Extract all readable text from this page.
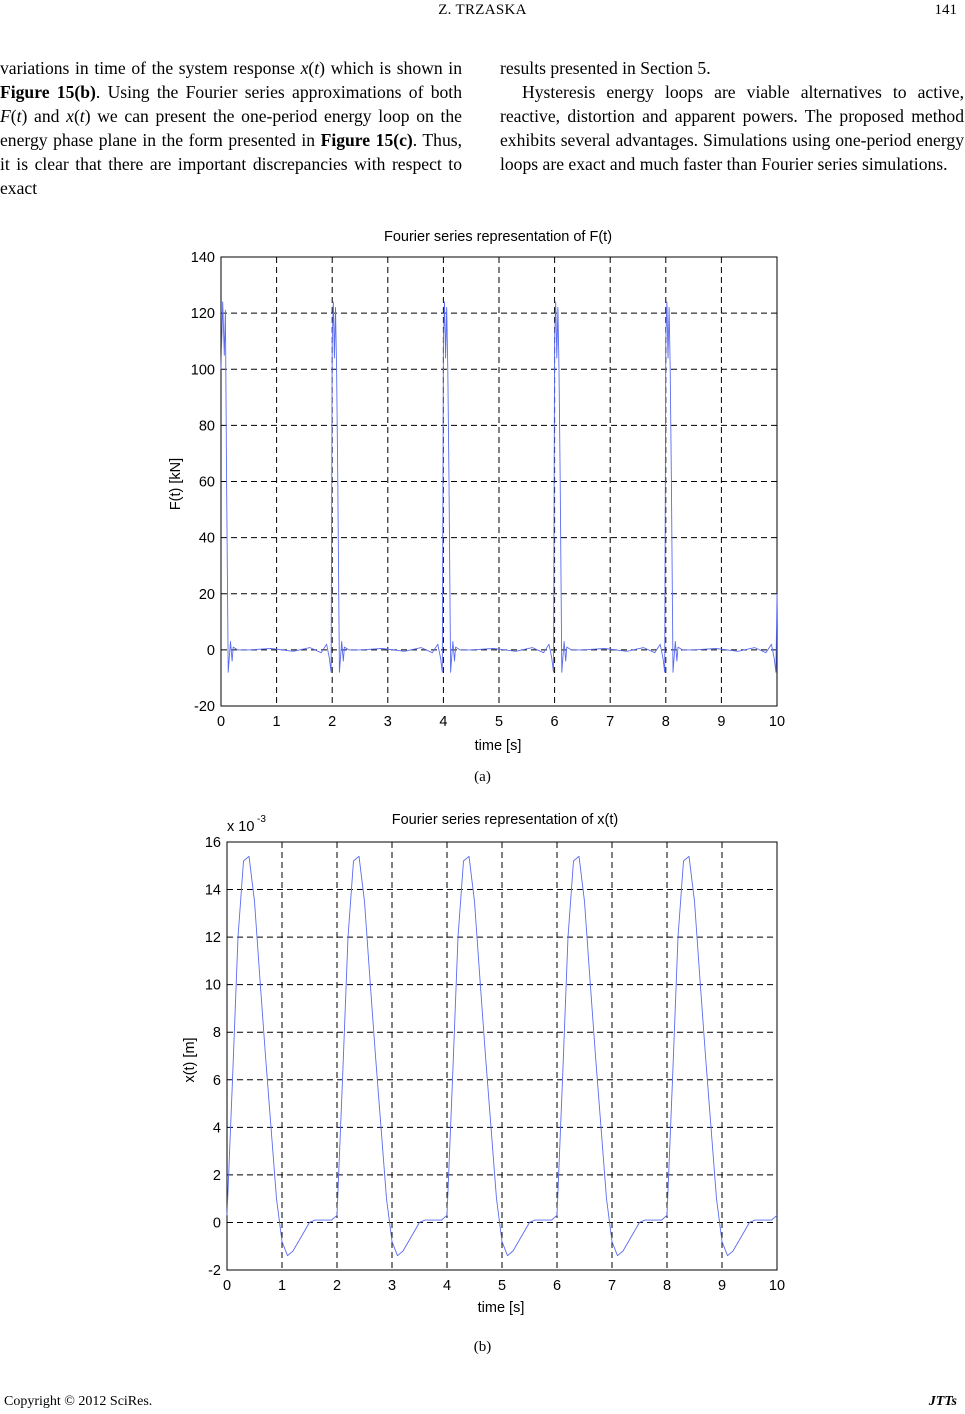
Z. TRZASKA	141

variations in time of the system response x(t) which is shown in Figure 15(b). Using the Fourier series approximations of both F(t) and x(t) we can present the one-period energy loop on the energy phase plane in the form presented in Figure 15(c). Thus, it is clear that there are important discrepancies with respect to exact

results presented in Section 5.

Hysteresis energy loops are viable alternatives to active, reactive, distortion and apparent powers. The proposed method exhibits several advantages. Simulations using one-period energy loops are exact and much faster than Fourier series simulations.

Fourier series representation of F(t)
F(t) [kN]
time [s]
0	1	2	3	4	5	6	7	8	9	10
-20
0
20
40
60
80
100
120
140
(a)
Fourier series representation of x(t)
x 10 -3
x(t) [m]
time [s]
0	1	2	3	4	5	6	7	8	9	10
-2
0
2
4
6
8
10
12
14
16
(b)
Copyright © 2012 SciRes.	JTTs
